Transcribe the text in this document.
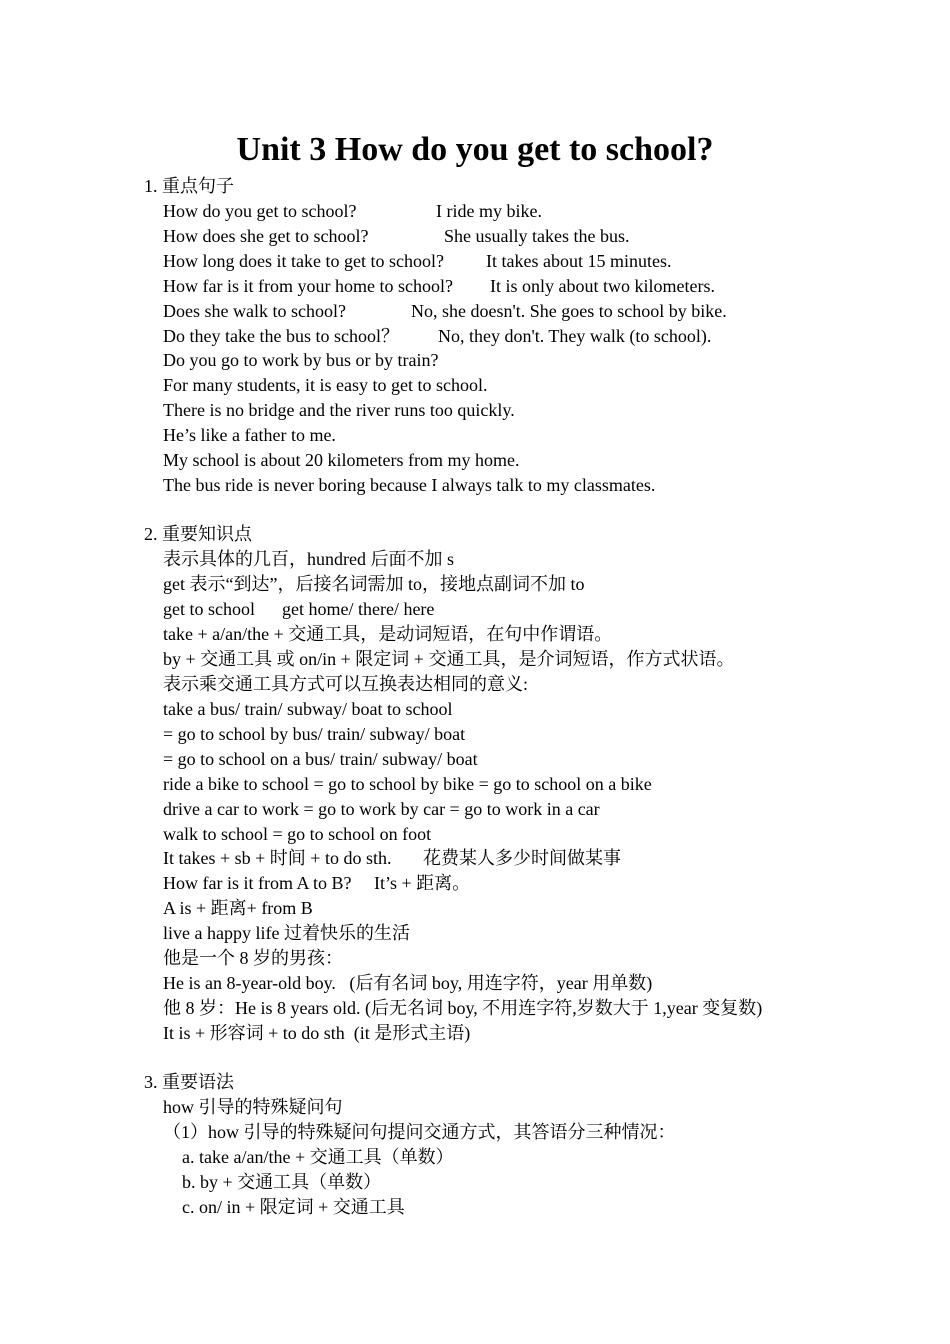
Unit 3 How do you get to school?
1. 重点句子
How do you get to school?	I ride my bike.
How does she get to school?	She usually takes the bus.
How long does it take to get to school? It takes about 15 minutes.
How far is it from your home to school? It is only about two kilometers.
Does she walk to school?	No, she doesn't. She goes to school by bike.
Do they take the bus to school？ No, they don't. They walk (to school).
Do you go to work by bus or by train?
For many students, it is easy to get to school.
There is no bridge and the river runs too quickly.
He’s like a father to me.
My school is about 20 kilometers from my home.
The bus ride is never boring because I always talk to my classmates.
2. 重要知识点
表示具体的几百，hundred 后面不加 s
get 表示“到达”，后接名词需加 to，接地点副词不加 to
get to school      get home/ there/ here
take + a/an/the + 交通工具，是动词短语，在句中作谓语。
by + 交通工具 或 on/in + 限定词 + 交通工具，是介词短语，作方式状语。
表示乘交通工具方式可以互换表达相同的意义:
take a bus/ train/ subway/ boat to school
= go to school by bus/ train/ subway/ boat
= go to school on a bus/ train/ subway/ boat
ride a bike to school = go to school by bike = go to school on a bike
drive a car to work = go to work by car = go to work in a car
walk to school = go to school on foot
It takes + sb + 时间 + to do sth.       花费某人多少时间做某事
How far is it from A to B?     It’s + 距离。
A is + 距离+ from B
live a happy life 过着快乐的生活
他是一个 8 岁的男孩：
He is an 8-year-old boy.   (后有名词 boy, 用连字符，year 用单数)
他 8 岁：He is 8 years old. (后无名词 boy, 不用连字符,岁数大于 1,year 变复数)
It is + 形容词 + to do sth  (it 是形式主语)
3. 重要语法
how 引导的特殊疑问句
（1）how 引导的特殊疑问句提问交通方式，其答语分三种情况：
a. take a/an/the + 交通工具（单数）
b. by + 交通工具（单数）
c. on/ in + 限定词 + 交通工具
